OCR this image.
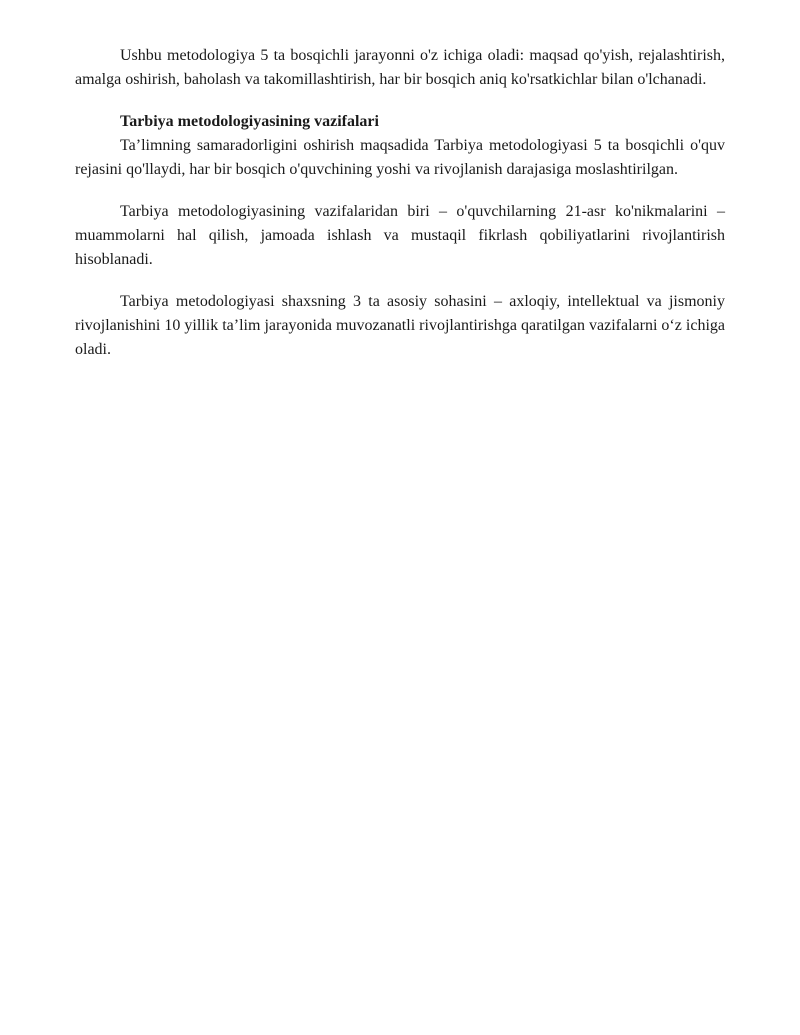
Ushbu metodologiya 5 ta bosqichli jarayonni o'z ichiga oladi: maqsad qo'yish, rejalashtirish, amalga oshirish, baholash va takomillashtirish, har bir bosqich aniq ko'rsatkichlar bilan o'lchanadi.

Tarbiya metodologiyasining vazifalari

Ta’limning samaradorligini oshirish maqsadida Tarbiya metodologiyasi 5 ta bosqichli o'quv rejasini qo'llaydi, har bir bosqich o'quvchining yoshi va rivojlanish darajasiga moslashtirilgan.

Tarbiya metodologiyasining vazifalaridan biri – o'quvchilarning 21-asr ko'nikmalarini – muammolarni hal qilish, jamoada ishlash va mustaqil fikrlash qobiliyatlarini rivojlantirish hisoblanadi.

Tarbiya metodologiyasi shaxsning 3 ta asosiy sohasini – axloqiy, intellektual va jismoniy rivojlanishini 10 yillik ta’lim jarayonida muvozanatli rivojlantirishga qaratilgan vazifalarni o‘z ichiga oladi.
